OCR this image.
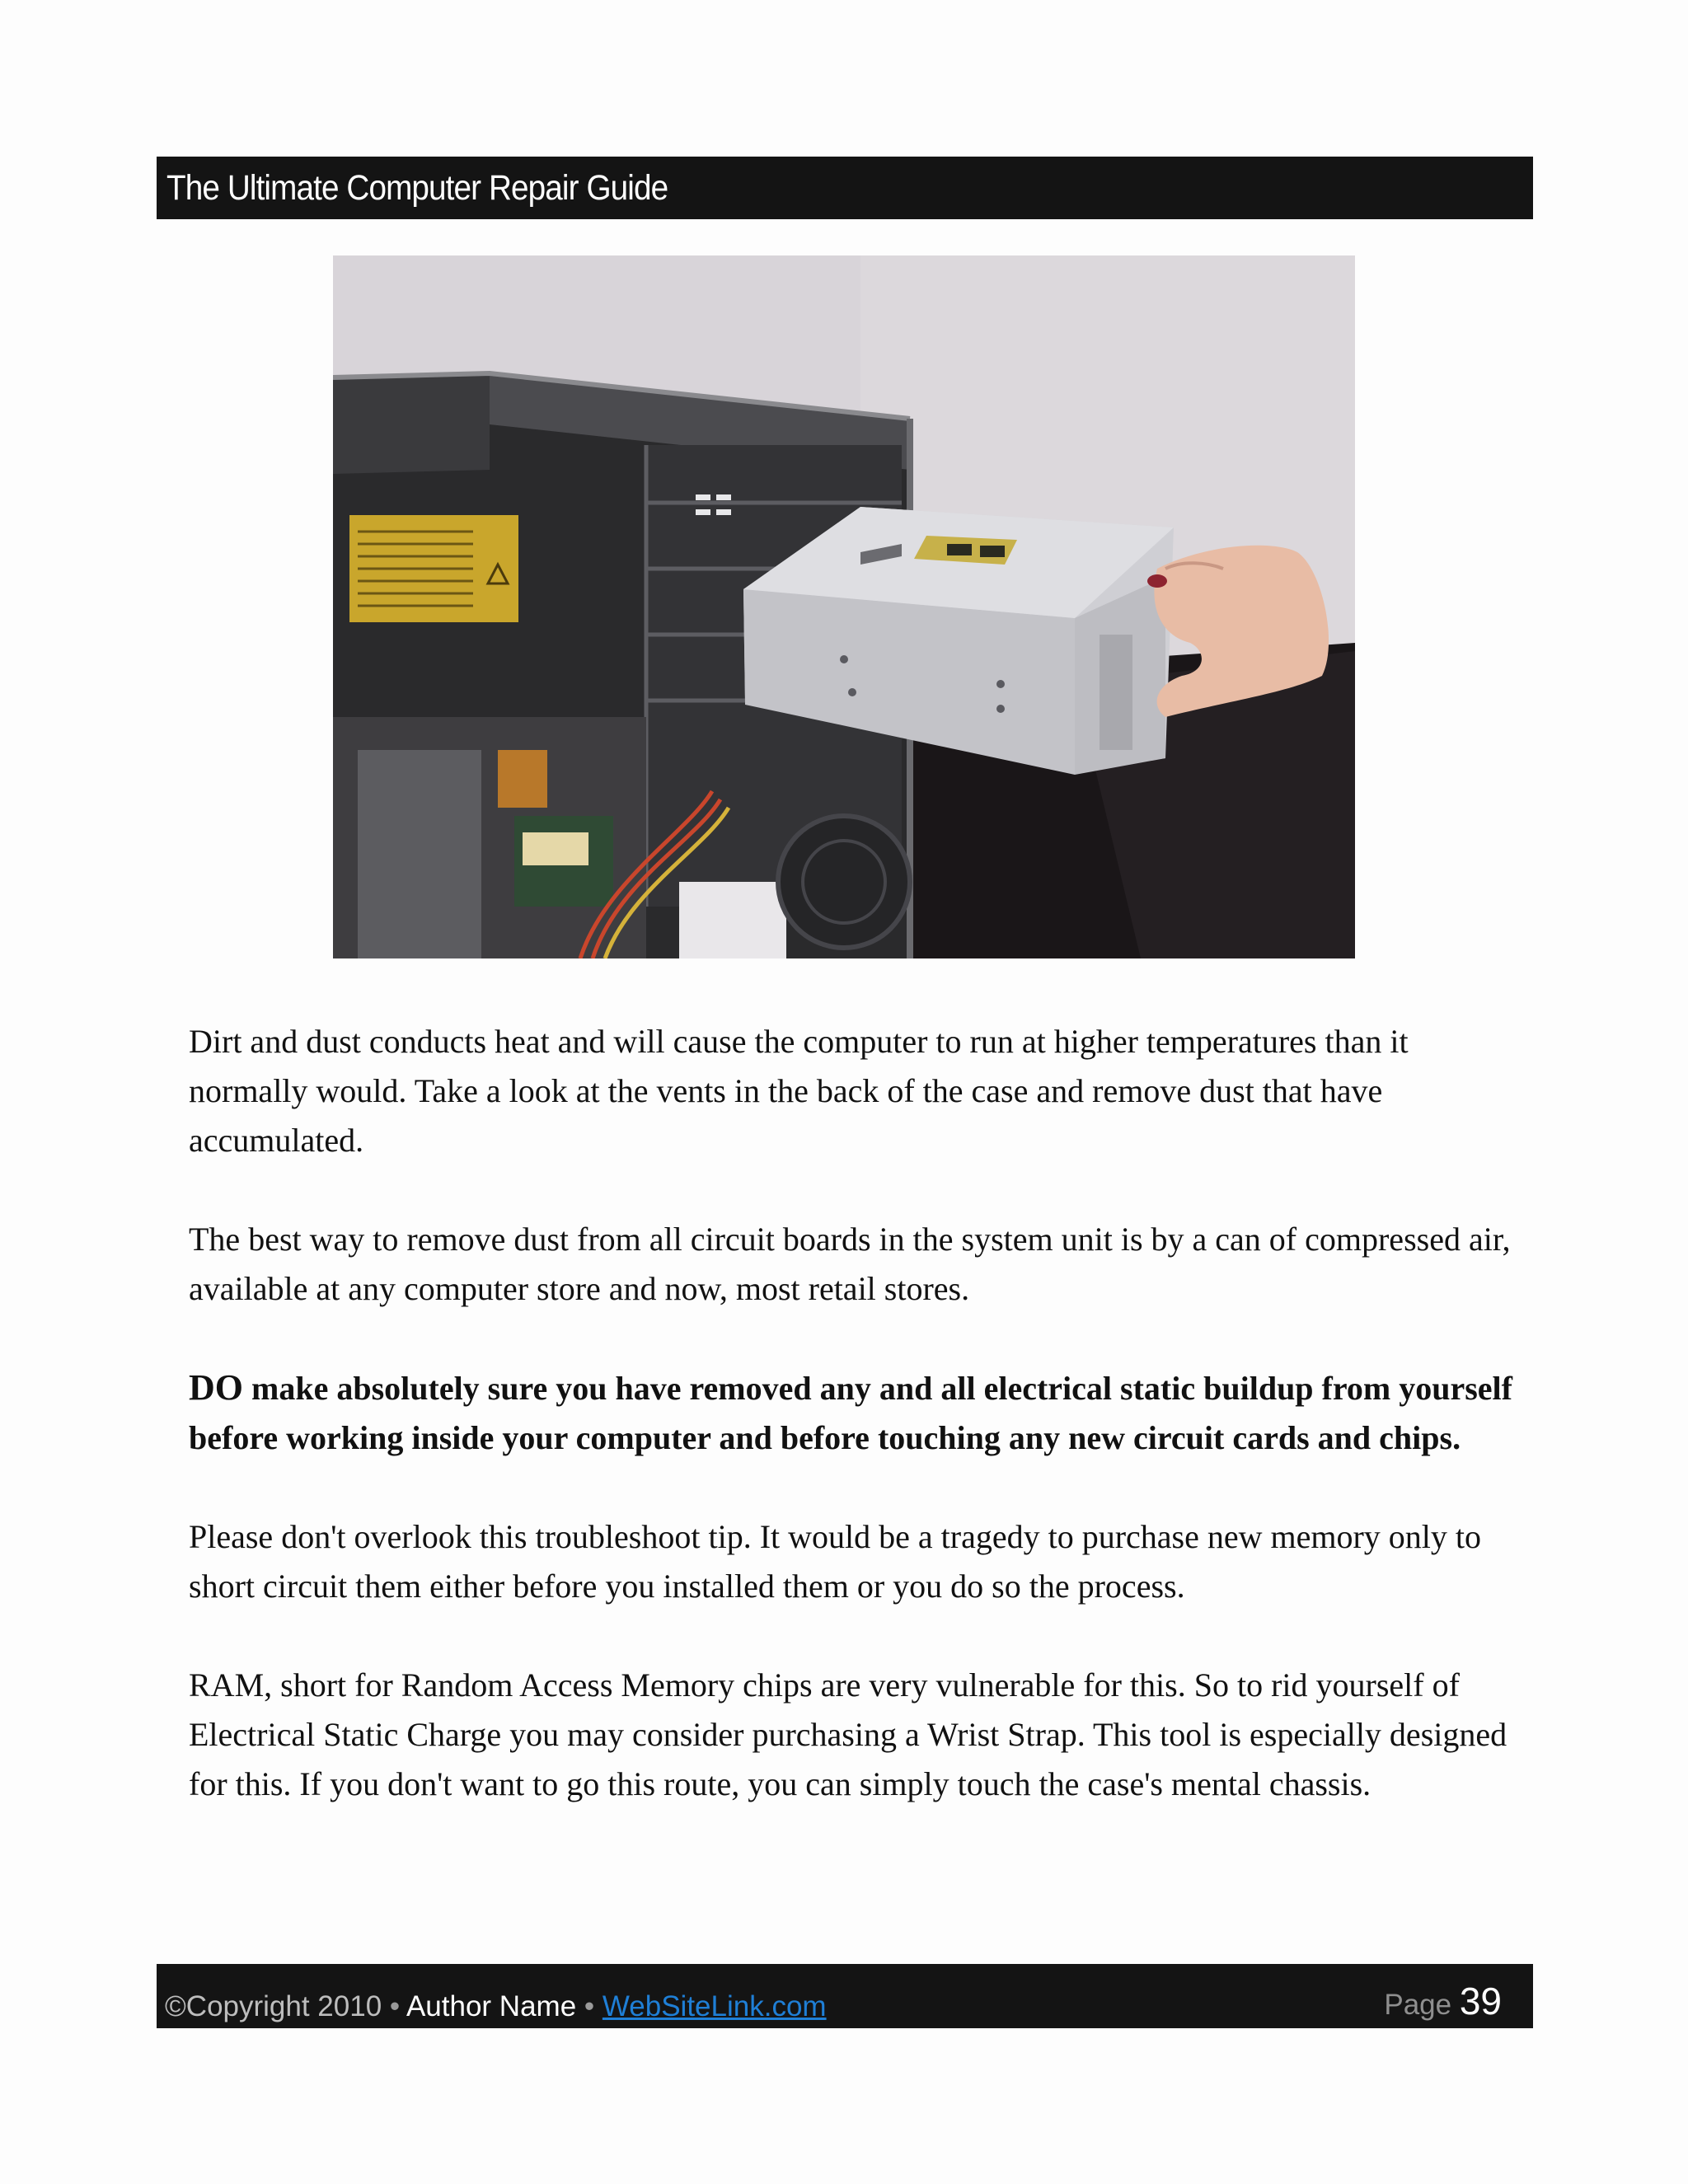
The Ultimate Computer Repair Guide

Dirt and dust conducts heat and will cause the computer to run at higher temperatures than it normally would. Take a look at the vents in the back of the case and remove dust that have accumulated.

The best way to remove dust from all circuit boards in the system unit is by a can of compressed air, available at any computer store and now, most retail stores.

DO make absolutely sure you have removed any and all electrical static buildup from yourself before working inside your computer and before touching any new circuit cards and chips.

Please don't overlook this troubleshoot tip. It would be a tragedy to purchase new memory only to short circuit them either before you installed them or you do so the process.

RAM, short for Random Access Memory chips are very vulnerable for this. So to rid yourself of Electrical Static Charge you may consider purchasing a Wrist Strap. This tool is especially designed for this. If you don't want to go this route, you can simply touch the case's mental chassis.

©Copyright 2010 • Author Name • WebSiteLink.com	Page 39
